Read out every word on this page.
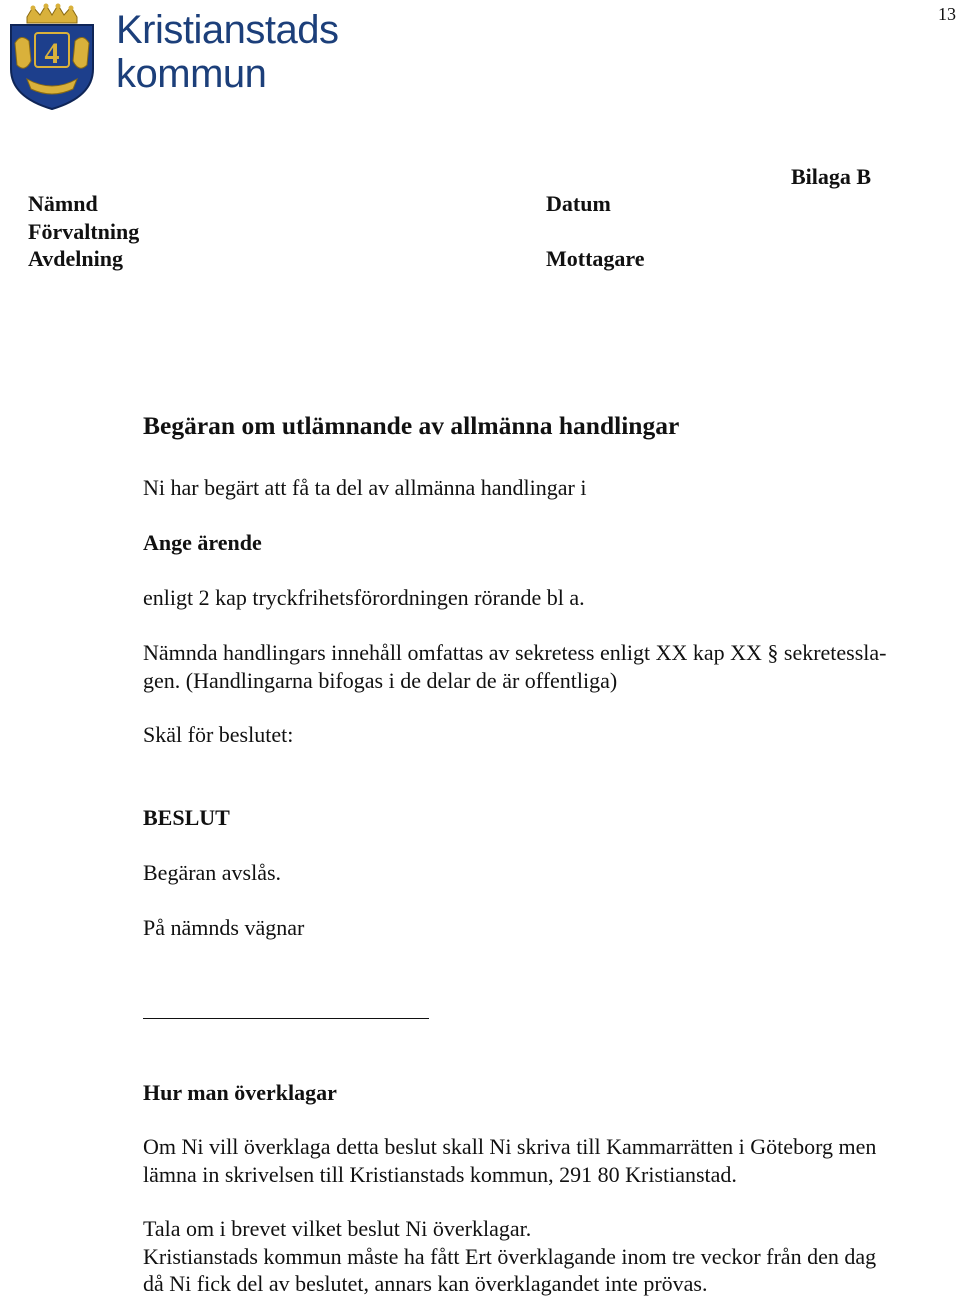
13
4
Kristianstads
kommun
Nämnd
Förvaltning
Avdelning
Datum
Mottagare
Bilaga B
Begäran om utlämnande av allmänna handlingar
Ni har begärt att få ta del av allmänna handlingar i
Ange ärende
enligt 2 kap tryckfrihetsförordningen rörande bl a.
Nämnda handlingars innehåll omfattas av sekretess enligt XX kap XX § sekretessla-
gen. (Handlingarna bifogas i de delar de är offentliga)
Skäl för beslutet:
BESLUT
Begäran avslås.
På nämnds vägnar
Hur man överklagar
Om Ni vill överklaga detta beslut skall Ni skriva till Kammarrätten i Göteborg men
lämna in skrivelsen till Kristianstads kommun, 291 80 Kristianstad.
Tala om i brevet vilket beslut Ni överklagar.
Kristianstads kommun måste ha fått Ert överklagande inom tre veckor från den dag
då Ni fick del av beslutet, annars kan överklagandet inte prövas.
